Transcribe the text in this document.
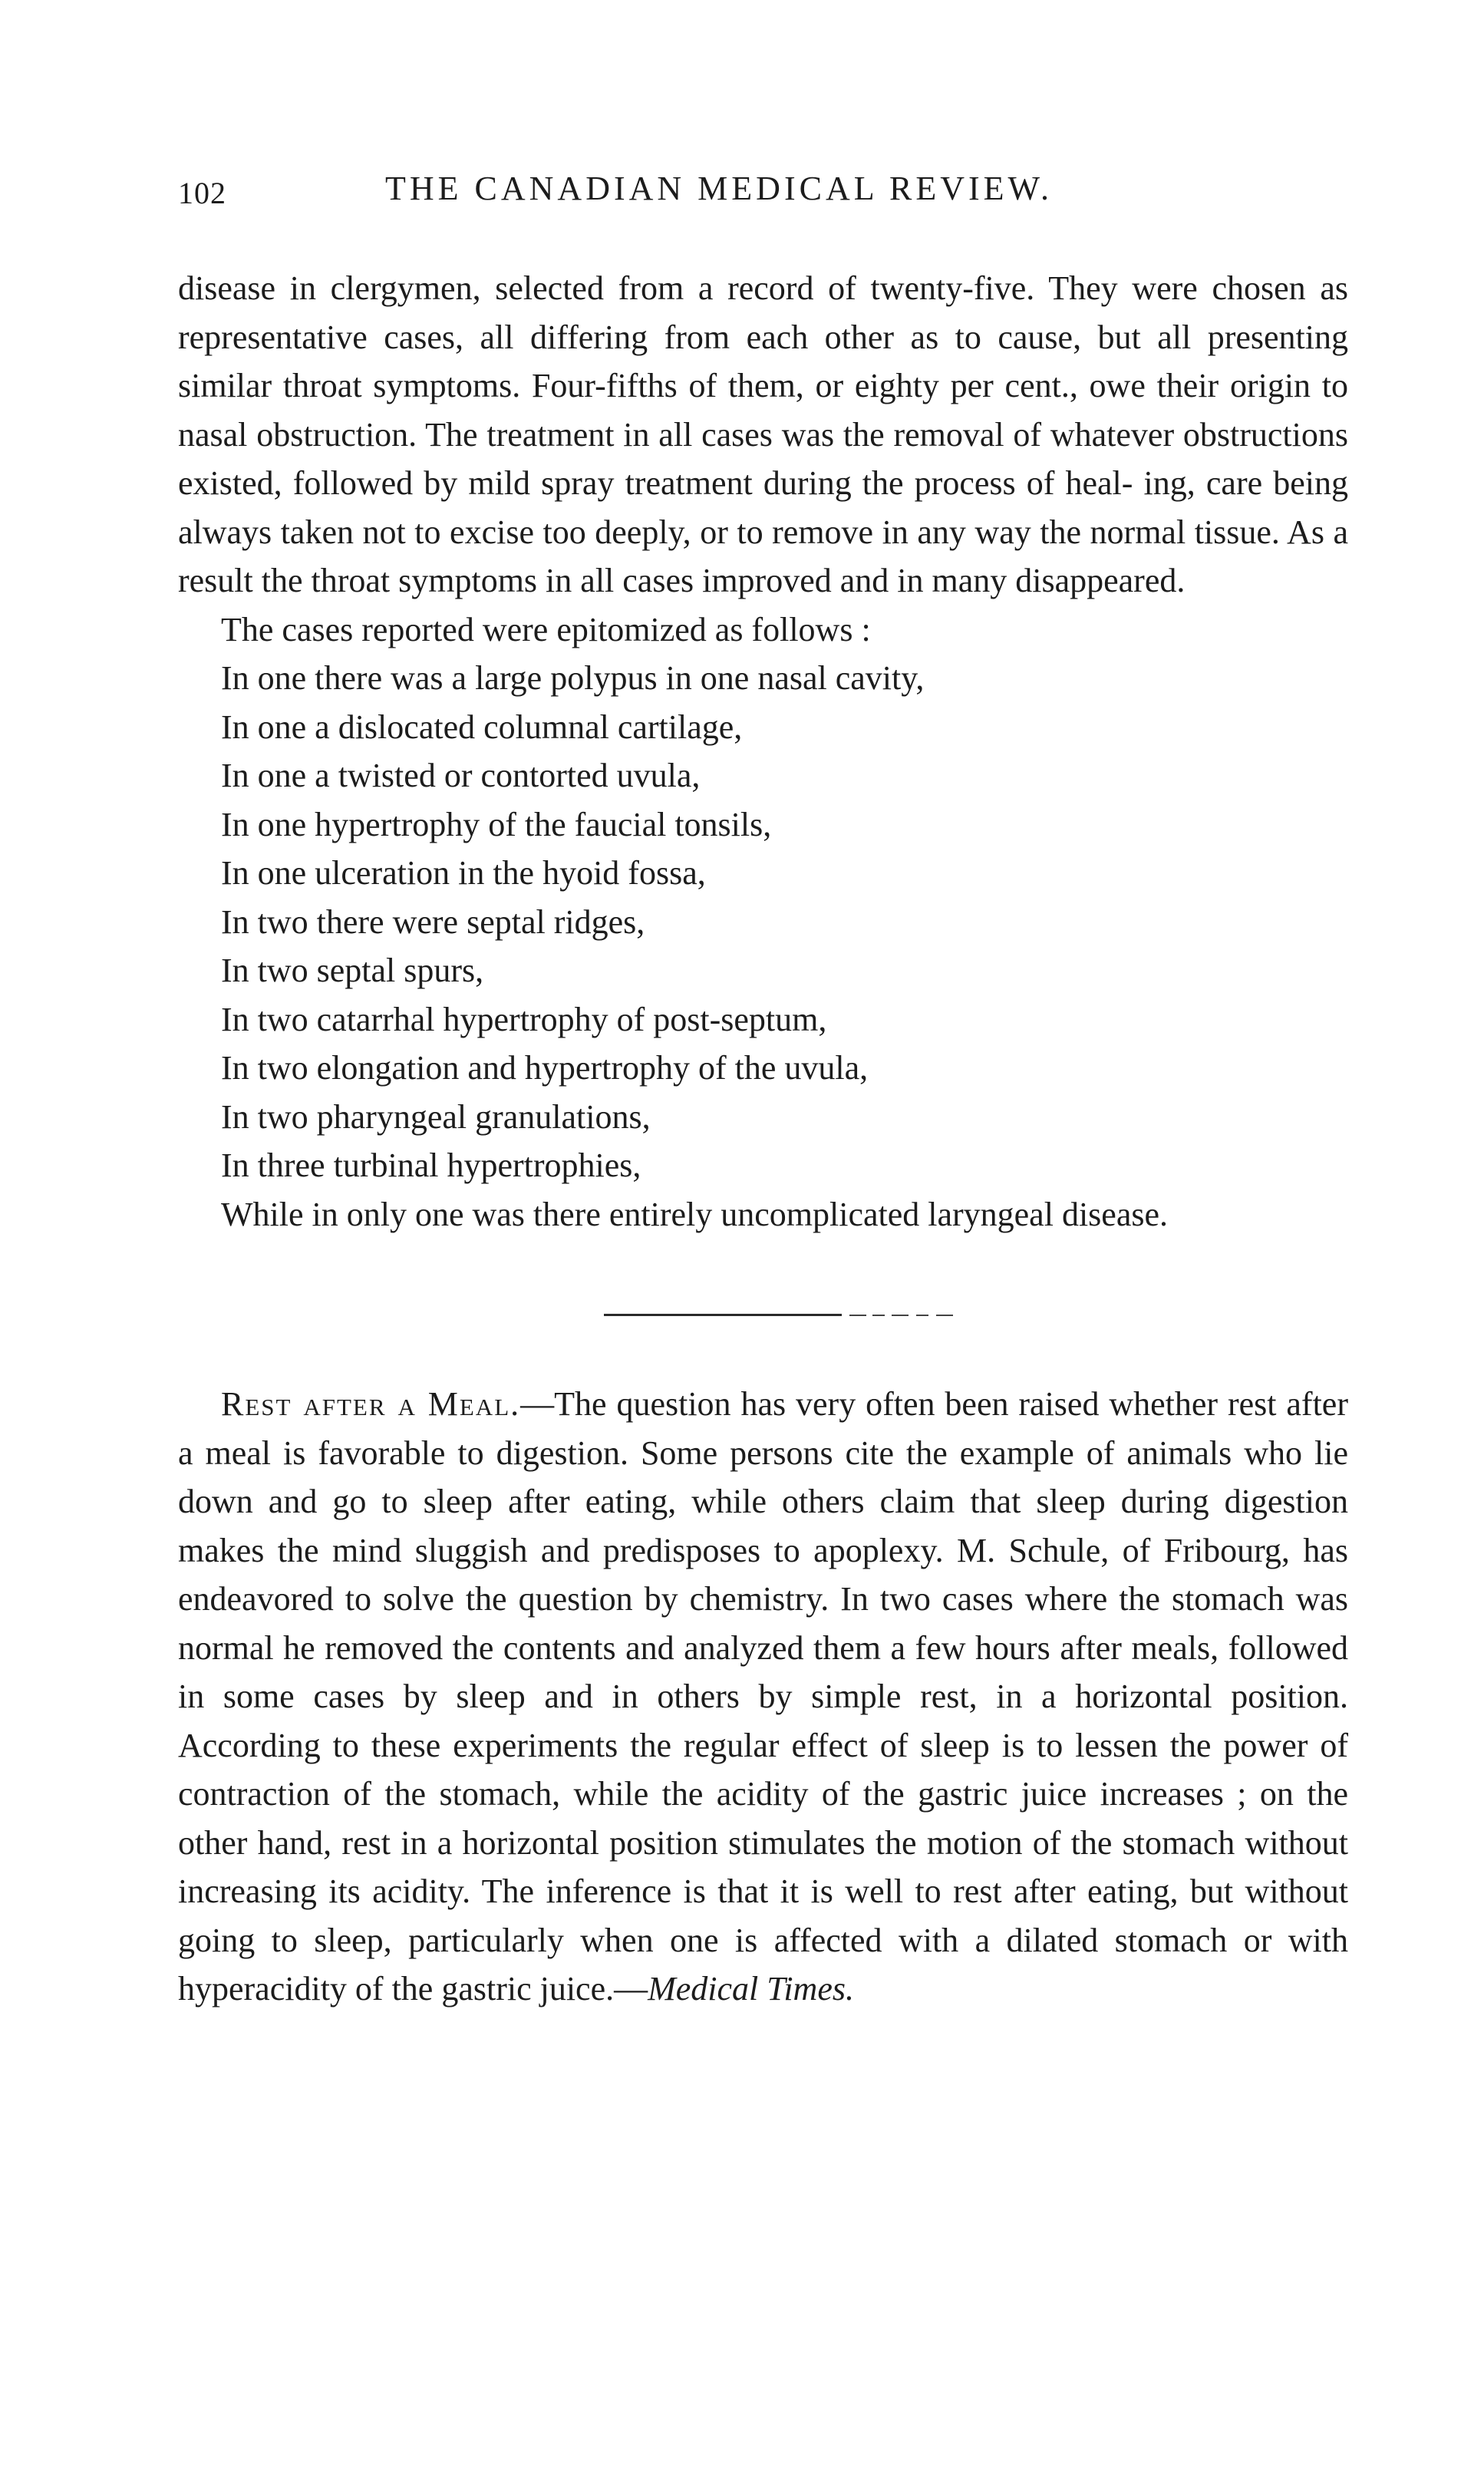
102	THE CANADIAN MEDICAL REVIEW.

disease in clergymen, selected from a record of twenty-five. They were chosen as representative cases, all differing from each other as to cause, but all presenting similar throat symptoms. Four-fifths of them, or eighty per cent., owe their origin to nasal obstruction. The treatment in all cases was the removal of whatever obstructions existed, followed by mild spray treatment during the process of heal- ing, care being always taken not to excise too deeply, or to remove in any way the normal tissue. As a result the throat symptoms in all cases improved and in many disappeared.

The cases reported were epitomized as follows :

In one there was a large polypus in one nasal cavity,
In one a dislocated columnal cartilage,
In one a twisted or contorted uvula,
In one hypertrophy of the faucial tonsils,
In one ulceration in the hyoid fossa,
In two there were septal ridges,
In two septal spurs,
In two catarrhal hypertrophy of post-septum,
In two elongation and hypertrophy of the uvula,
In two pharyngeal granulations,
In three turbinal hypertrophies,

While in only one was there entirely uncomplicated laryngeal disease.

Rest after a Meal.—The question has very often been raised whether rest after a meal is favorable to digestion. Some persons cite the example of animals who lie down and go to sleep after eating, while others claim that sleep during digestion makes the mind sluggish and predisposes to apoplexy. M. Schule, of Fribourg, has endeavored to solve the question by chemistry. In two cases where the stomach was normal he removed the contents and analyzed them a few hours after meals, followed in some cases by sleep and in others by simple rest, in a horizontal position. According to these experiments the regular effect of sleep is to lessen the power of contraction of the stomach, while the acidity of the gastric juice increases ; on the other hand, rest in a horizontal position stimulates the motion of the stomach without increasing its acidity. The inference is that it is well to rest after eating, but without going to sleep, particularly when one is affected with a dilated stomach or with hyperacidity of the gastric juice.—Medical Times.
